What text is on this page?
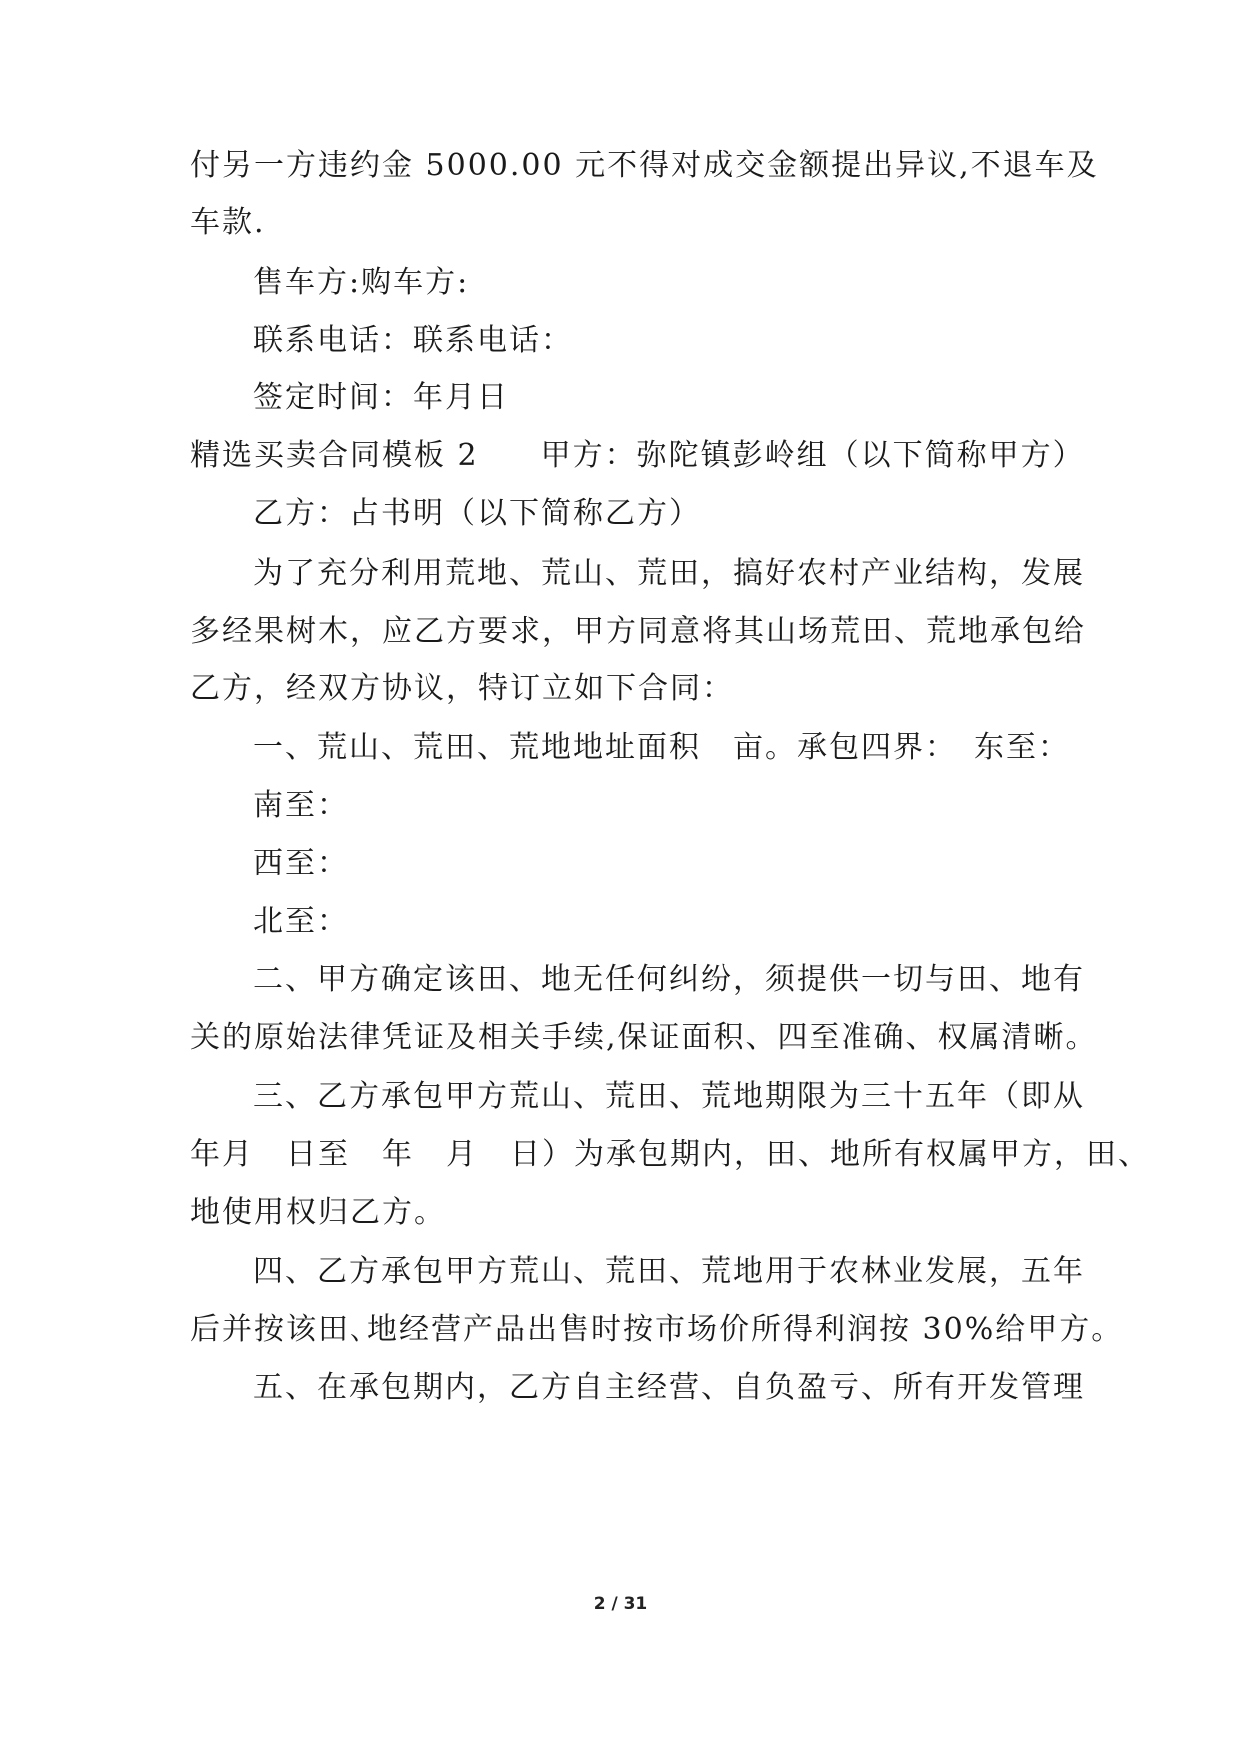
付另一方违约金 5000.00 元不得对成交金额提出异议,不退车及
车款.
售车方:购车方:
联系电话：联系电话：
签定时间：年月日
精选买卖合同模板 2 甲方：弥陀镇彭岭组（以下简称甲方）
乙方：占书明（以下简称乙方）
为了充分利用荒地、荒山、荒田，搞好农村产业结构，发展
多经果树木，应乙方要求，甲方同意将其山场荒田、荒地承包给
乙方，经双方协议，特订立如下合同：
一、荒山、荒田、荒地地址面积　亩。承包四界：　东至：
南至：
西至：
北至：
二、甲方确定该田、地无任何纠纷，须提供一切与田、地有
关的原始法律凭证及相关手续,保证面积、四至准确、权属清晰。
三、乙方承包甲方荒山、荒田、荒地期限为三十五年（即从
年月　日至　年　月　日）为承包期内，田、地所有权属甲方，田、
地使用权归乙方。
四、乙方承包甲方荒山、荒田、荒地用于农林业发展，五年
后并按该田､地经营产品出售时按市场价所得利润按 30%给甲方。
五、在承包期内，乙方自主经营、自负盈亏、所有开发管理
2 / 31
